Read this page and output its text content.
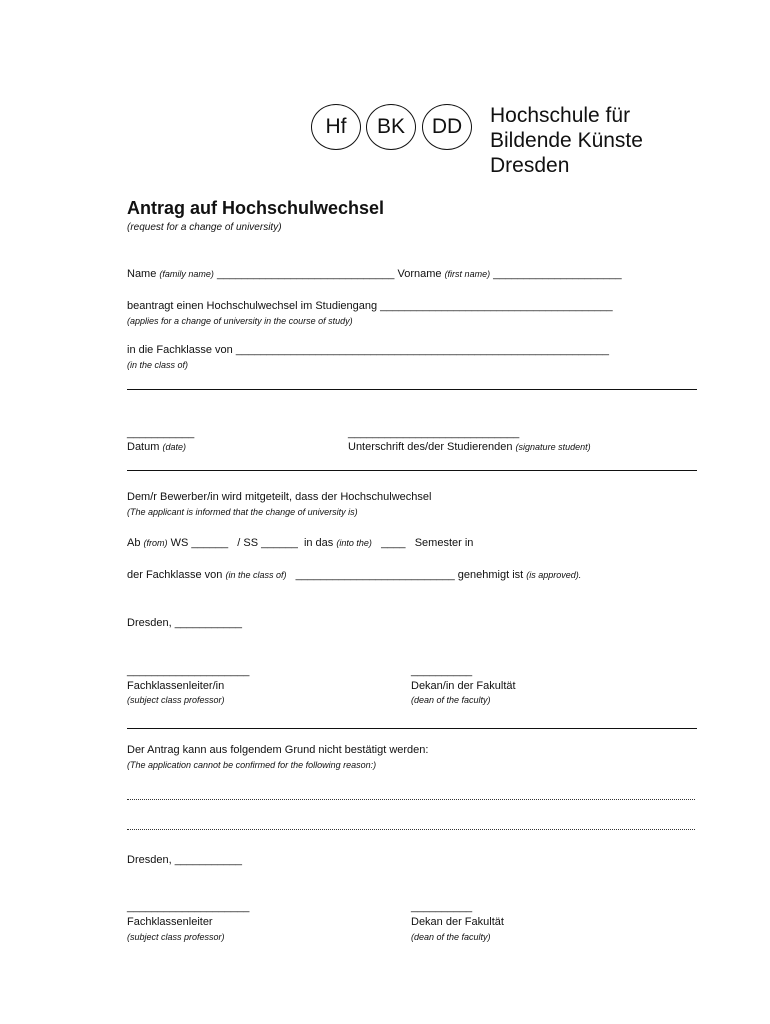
Hf	BK	DD	Hochschule für
Bildende Künste
Dresden
Antrag auf Hochschulwechsel
(request for a change of university)
Name (family name) _____________________________ Vorname (first name) _____________________
beantragt einen Hochschulwechsel im Studiengang ______________________________________
(applies for a change of university in the course of study)
in die Fachklasse von _____________________________________________________________
(in the class of)
___________
Datum (date)
____________________________
Unterschrift des/der Studierenden (signature student)
Dem/r Bewerber/in wird mitgeteilt, dass der Hochschulwechsel
(The applicant is informed that the change of university is)
Ab (from) WS ______ / SS ______ in das (into the) ____ Semester in
der Fachklasse von (in the class of) __________________________ genehmigt ist (is approved).
Dresden, ___________
____________________
Fachklassenleiter/in
(subject class professor)
__________
Dekan/in der Fakultät
(dean of the faculty)
Der Antrag kann aus folgendem Grund nicht bestätigt werden:
(The application cannot be confirmed for the following reason:)
Dresden, ___________
____________________
Fachklassenleiter
(subject class professor)
__________
Dekan der Fakultät
(dean of the faculty)
